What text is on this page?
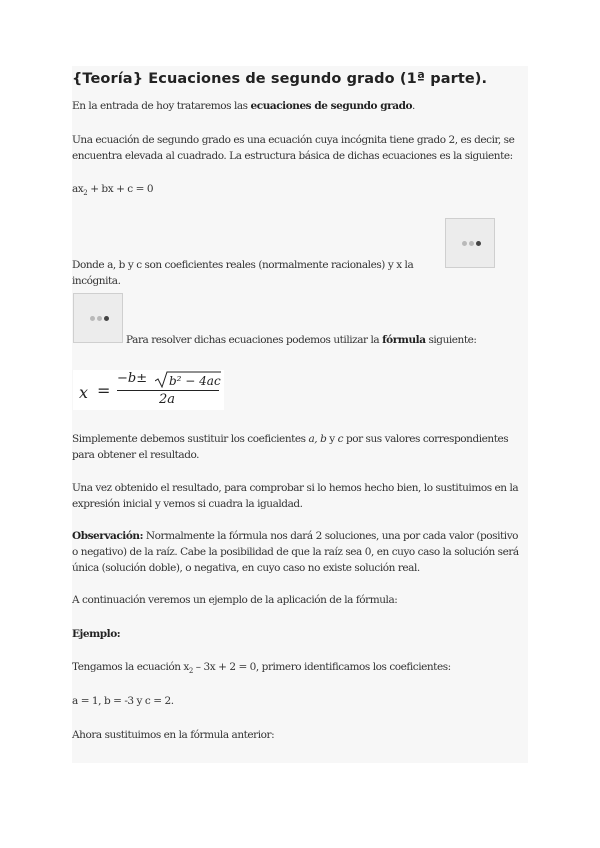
{Teoría} Ecuaciones de segundo grado (1ª parte).
En la entrada de hoy trataremos las ecuaciones de segundo grado.
Una ecuación de segundo grado es una ecuación cuya incógnita tiene grado 2, es decir, se encuentra elevada al cuadrado. La estructura básica de dichas ecuaciones es la siguiente:
$ax_2$ + bx + c = 0
Donde a, b y c son coeficientes reales (normalmente racionales) y x la incógnita.
Para resolver dichas ecuaciones podemos utilizar la fórmula siguiente:
x =
−b± b² − 4ac
2a
Simplemente debemos sustituir los coeficientes a, b y c por sus valores correspondientes para obtener el resultado.
Una vez obtenido el resultado, para comprobar si lo hemos hecho bien, lo sustituimos en la expresión inicial y vemos si cuadra la igualdad.
Observación: Normalmente la fórmula nos dará 2 soluciones, una por cada valor (positivo o negativo) de la raíz. Cabe la posibilidad de que la raíz sea 0, en cuyo caso la solución será única (solución doble), o negativa, en cuyo caso no existe solución real.
A continuación veremos un ejemplo de la aplicación de la fórmula:
Ejemplo:
Tengamos la ecuación $x_2 - 3x + 2 = 0$, primero identificamos los coeficientes:
a = 1, b = -3 y c = 2.
Ahora sustituimos en la fórmula anterior:
